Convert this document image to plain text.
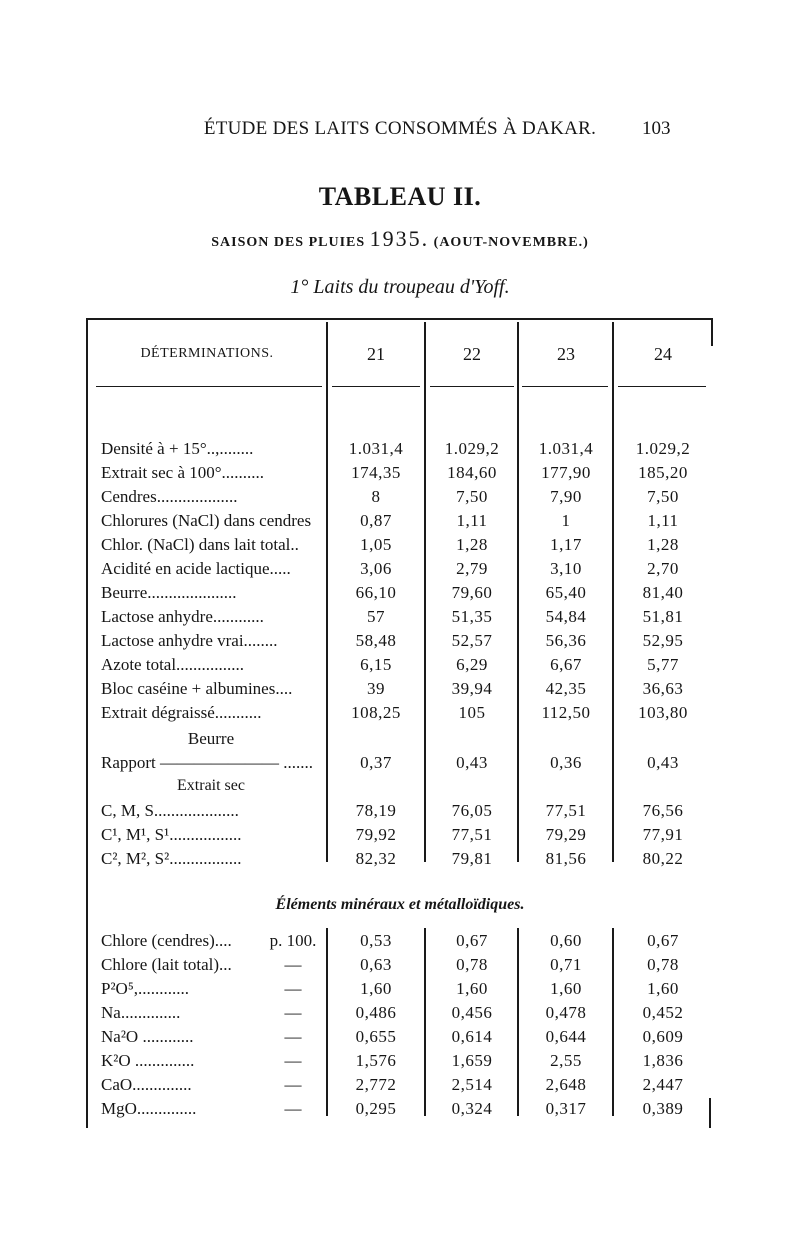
ÉTUDE DES LAITS CONSOMMÉS À DAKAR.	103
TABLEAU II.
SAISON DES PLUIES 1935. (AOUT-NOVEMBRE.)
1° Laits du troupeau d'Yoff.
DÉTERMINATIONS.	21	22	23	24
Densité à + 15°..,........	1.031,4	1.029,2	1.031,4	1.029,2
Extrait sec à 100°..........	174,35	184,60	177,90	185,20
Cendres...................	8	7,50	7,90	7,50
Chlorures (NaCl) dans cendres	0,87	1,11	1	1,11
Chlor. (NaCl) dans lait total..	1,05	1,28	1,17	1,28
Acidité en acide lactique.....	3,06	2,79	3,10	2,70
Beurre.....................	66,10	79,60	65,40	81,40
Lactose anhydre............	57	51,35	54,84	51,81
Lactose anhydre vrai........	58,48	52,57	56,36	52,95
Azote total................	6,15	6,29	6,67	5,77
Bloc caséine + albumines....	39	39,94	42,35	36,63
Extrait dégraissé...........	108,25	105	112,50	103,80
Beurre
Rapport ——————— .......	0,37	0,43	0,36	0,43
Extrait sec
C, M, S....................	78,19	76,05	77,51	76,56
C¹, M¹, S¹.................	79,92	77,51	79,29	77,91
C², M², S².................	82,32	79,81	81,56	80,22
Éléments minéraux et métalloïdiques.
Chlore (cendres)....	p. 100.	0,53	0,67	0,60	0,67
Chlore (lait total)...	—	0,63	0,78	0,71	0,78
P²O⁵,............	—	1,60	1,60	1,60	1,60
Na..............	—	0,486	0,456	0,478	0,452
Na²O ............	—	0,655	0,614	0,644	0,609
K²O ..............	—	1,576	1,659	2,55	1,836
CaO..............	—	2,772	2,514	2,648	2,447
MgO..............	—	0,295	0,324	0,317	0,389
